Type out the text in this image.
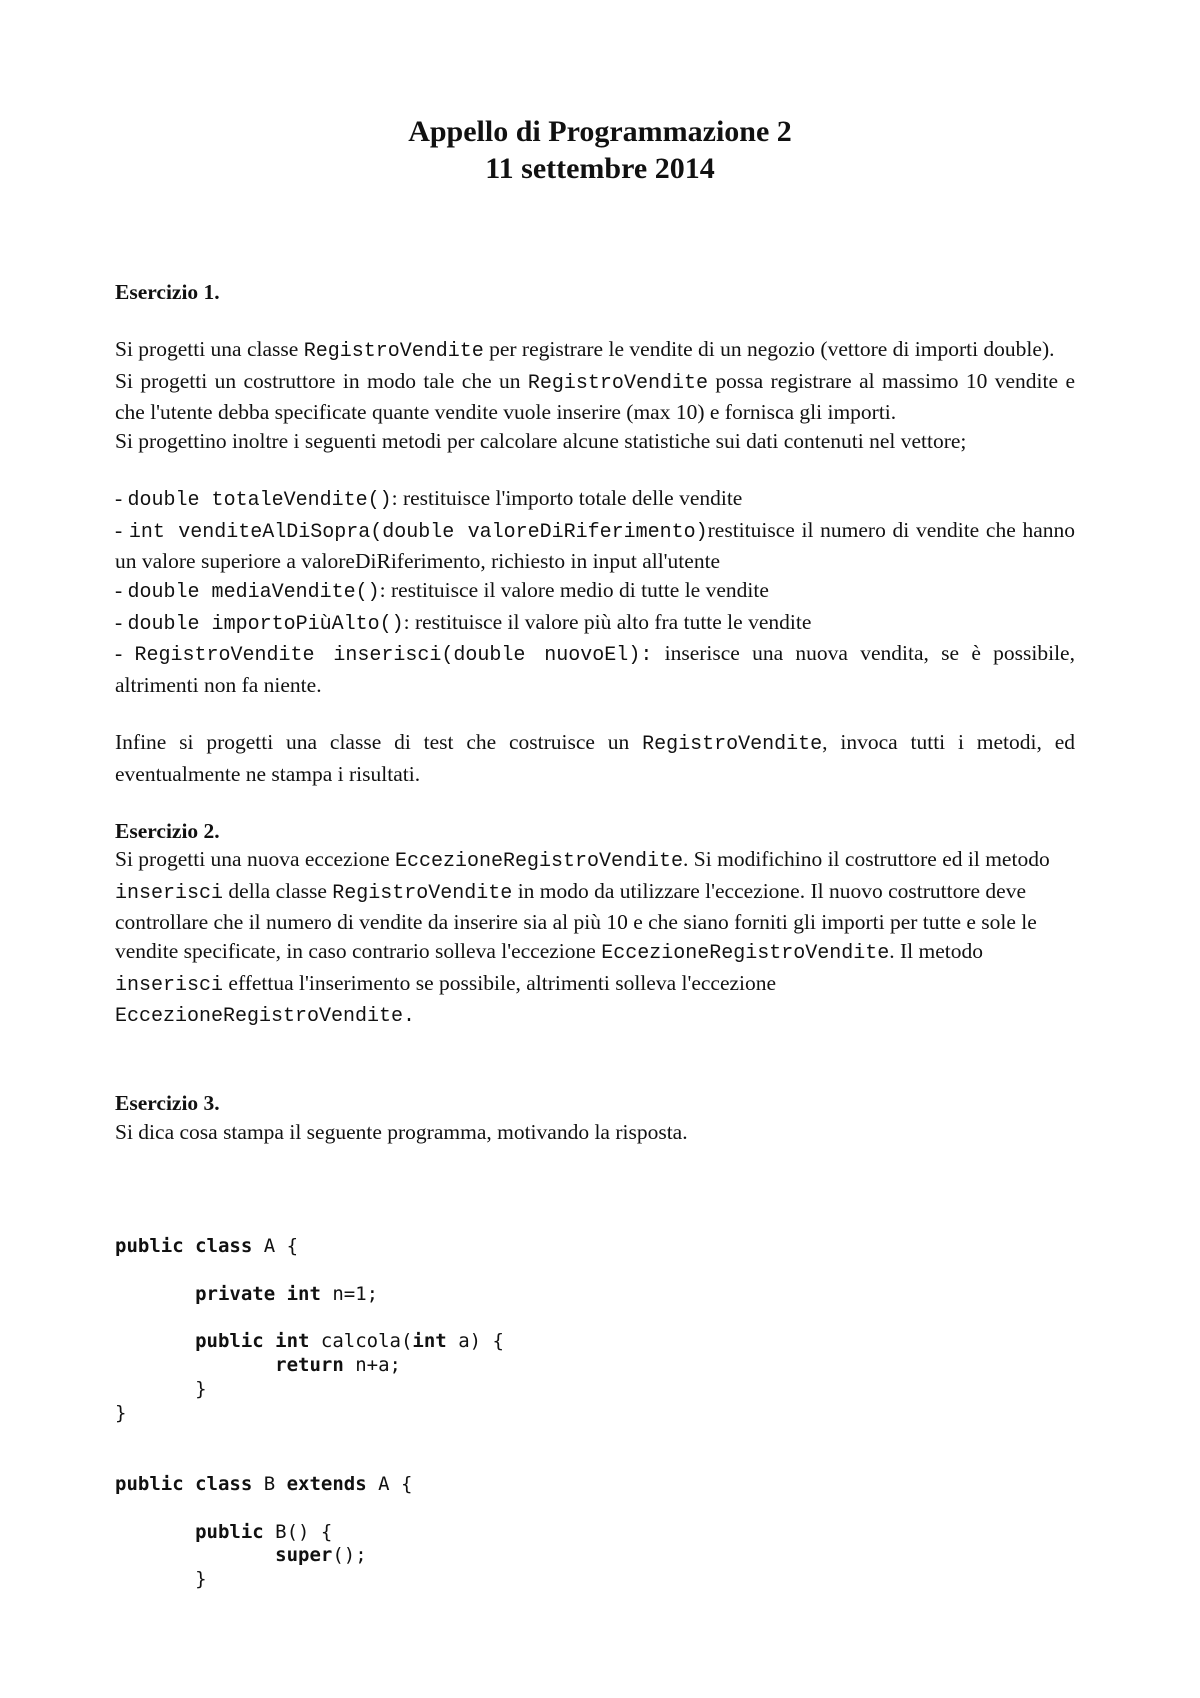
Appello di Programmazione 2
11 settembre 2014

Esercizio 1.

Si progetti una classe RegistroVendite per registrare le vendite di un negozio (vettore di importi double).

Si progetti un costruttore in modo tale che un RegistroVendite possa registrare al massimo 10 vendite e che l'utente debba specificate quante vendite vuole inserire (max 10) e fornisca gli importi.

Si progettino inoltre i seguenti metodi per calcolare alcune statistiche sui dati contenuti nel vettore;

- double totaleVendite(): restituisce l'importo totale delle vendite

- int venditeAlDiSopra(double valoreDiRiferimento)restituisce il numero di vendite che hanno un valore superiore a valoreDiRiferimento, richiesto in input all'utente

- double mediaVendite(): restituisce il valore medio di tutte le vendite

- double importoPiùAlto(): restituisce il valore più alto fra tutte le vendite

- RegistroVendite inserisci(double nuovoEl): inserisce una nuova vendita, se è possibile, altrimenti non fa niente.

Infine si progetti una classe di test che costruisce un RegistroVendite, invoca tutti i metodi, ed eventualmente ne stampa i risultati.

Esercizio 2.

Si progetti una nuova eccezione EccezioneRegistroVendite. Si modifichino il costruttore ed il metodo inserisci della classe RegistroVendite in modo da utilizzare l'eccezione. Il nuovo costruttore deve controllare che il numero di vendite da inserire sia al più 10 e che siano forniti gli importi per tutte e sole le vendite specificate, in caso contrario solleva l'eccezione EccezioneRegistroVendite. Il metodo inserisci effettua l'inserimento se possibile, altrimenti solleva l'eccezione EccezioneRegistroVendite.

Esercizio 3.

Si dica cosa stampa il seguente programma, motivando la risposta.

public class A {
private int n=1;
public int calcola(int a) {
return n+a;
}
}
public class B extends A {
public B() {
super();
}
